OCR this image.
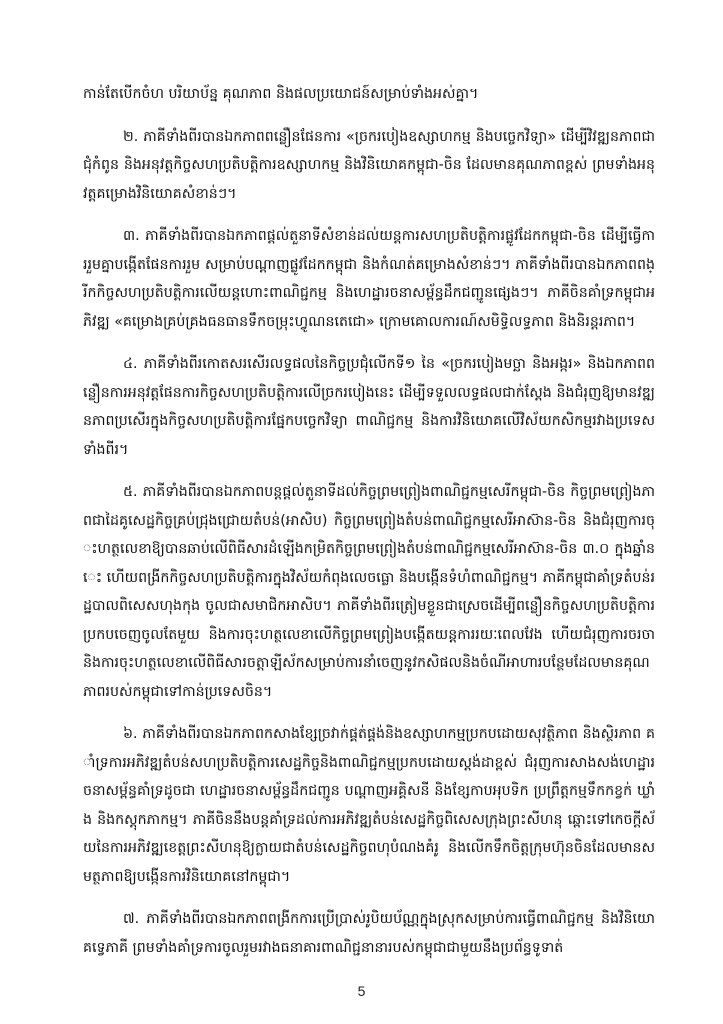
កាន់តែបើកចំហ បរិយាប័ន្ន គុណភាព និងផលប្រយោជន៍សម្រាប់ទាំងអស់គ្នា។

២. ភាគីទាំងពីរបានឯកភាពពន្លឿនផែនការ «ច្រករបៀងឧស្សាហកម្ម និងបច្ចេកវិទ្យា» ដើម្បីវិវឌ្ឍនភាពជាជុំកំពូន និងអនុវត្តកិច្ចសហប្រតិបត្តិការឧស្សាហកម្ម និងវិនិយោគកម្ពុជា-ចិន ដែលមានគុណភាពខ្ពស់ ព្រមទាំងអនុវត្តគម្រោងវិនិយោគសំខាន់ៗ។

៣. ភាគីទាំងពីរបានឯកភាពផ្ដល់តួនាទីសំខាន់ដល់យន្តការសហប្រតិបត្តិការផ្លូវដែកកម្ពុជា-ចិន ដើម្បីធ្វើការរួមគ្នាបង្កើតផែនការរួម សម្រាប់បណ្ដាញផ្លូវដែកកម្ពុជា និងកំណត់គម្រោងសំខាន់ៗ។ ភាគីទាំងពីរបានឯកភាពពង្រីកកិច្ចសហប្រតិបត្តិការលើយន្តហោះពាណិជ្ជកម្ម និងហេដ្ឋារចនាសម្ព័ន្ធដឹកជញ្ជូនផ្សេងៗ។ ភាគីចិនគាំទ្រកម្ពុជាអភិវឌ្ឍ «គម្រោងគ្រប់គ្រងធនធានទឹកចម្រុះហ្វូណនតេជោ» ក្រោមគោលការណ៍សមិទ្ធិលទ្ធភាព និងនិរន្តរភាព។

៤. ភាគីទាំងពីរកោតសរសើរលទ្ធផលនៃកិច្ចប្រជុំលើកទី១ នៃ «ច្រករបៀងមច្ឆា និងអង្ករ» និងឯកភាពពន្លឿនការអនុវត្តផែនការកិច្ចសហប្រតិបត្តិការលើច្រករបៀងនេះ ដើម្បីទទួលលទ្ធផលជាក់ស្ដែង និងជំរុញឱ្យមានវឌ្ឍនភាពប្រសើរក្នុងកិច្ចសហប្រតិបត្តិការផ្នែកបច្ចេកវិទ្យា ពាណិជ្ជកម្ម និងការវិនិយោគលើវិស័យកសិកម្មរវាងប្រទេសទាំងពីរ។

៥. ភាគីទាំងពីរបានឯកភាពបន្តផ្ដល់តួនាទីដល់កិច្ចព្រមព្រៀងពាណិជ្ជកម្មសេរីកម្ពុជា-ចិន កិច្ចព្រមព្រៀងភាពជាដៃគូសេដ្ឋកិច្ចគ្រប់ជ្រុងជ្រោយតំបន់(អាសិប) កិច្ចព្រមព្រៀងតំបន់ពាណិជ្ជកម្មសេរីអាស៊ាន-ចិន និងជំរុញការចុះហត្ថលេខាឱ្យបានឆាប់លើពិធីសារដំឡើងកម្រិតកិច្ចព្រមព្រៀងតំបន់ពាណិជ្ជកម្មសេរីអាស៊ាន-ចិន ៣.០ ក្នុងឆ្នាំនេះ ហើយពង្រីកកិច្ចសហប្រតិបត្តិការក្នុងវិស័យកំពុងលេចធ្លោ និងបង្កើនទំហំពាណិជ្ជកម្ម។ ភាគីកម្ពុជាគាំទ្រតំបន់រដ្ឋបាលពិសេសហុងកុង ចូលជាសមាជិកអាសិប។ ភាគីទាំងពីរត្រៀមខ្លួនជាស្រេចដើម្បីពន្លឿនកិច្ចសហប្រតិបត្តិការប្រកបចេញចូលតែមួយ និងការចុះហត្ថលេខាលើកិច្ចព្រមព្រៀងបង្កើតយន្តការរយៈពេលវែង ហើយជំរុញការចរចា និងការចុះហត្ថលេខាលើពិធីសារចត្តាឡីស័កសម្រាប់ការនាំចេញនូវកសិផលនិងចំណីអាហារបន្ថែមដែលមានគុណភាពរបស់កម្ពុជាទៅកាន់ប្រទេសចិន។

៦. ភាគីទាំងពីរបានឯកភាពកសាងខ្សែច្រវាក់ផ្គត់ផ្គង់និងឧស្សាហកម្មប្រកបដោយសុវត្ថិភាព និងស្ថិរភាព គាំទ្រការអភិវឌ្ឍតំបន់សហប្រតិបត្តិការសេដ្ឋកិច្ចនិងពាណិជ្ជកម្មប្រកបដោយស្តង់ដាខ្ពស់ ជំរុញការសាងសង់ហេដ្ឋារចនាសម្ព័ន្ធគាំទ្រដូចជា ហេដ្ឋារចនាសម្ព័ន្ធដឹកជញ្ជូន បណ្តាញអគ្គិសនី និងខ្សែកាបអុបទិក ប្រព្រឹត្តកម្មទឹកកខ្វក់ ឃ្លាំង និងកស្ដុកភាកម្ម។ ភាគីចិននឹងបន្តគាំទ្រដល់ការអភិវឌ្ឍតំបន់សេដ្ឋកិច្ចពិសេសក្រុងព្រះសីហនុ ឆ្ពោះទៅកេចក្ដីស័យនៃការអភិវឌ្ឍខេត្តព្រះសីហនុឱ្យក្លាយជាតំបន់សេដ្ឋកិច្ចពហុបំណងគំរូ និងលើកទឹកចិត្តក្រុមហ៊ុនចិនដែលមានសមត្ថភាពឱ្យបង្កើនការវិនិយោគនៅកម្ពុជា។

៧. ភាគីទាំងពីរបានឯកភាពពង្រីកការប្រើប្រាស់រូបិយប័ណ្ណក្នុងស្រុកសម្រាប់ការធ្វើពាណិជ្ជកម្ម និងវិនិយោគទ្វេភាគី ព្រមទាំងគាំទ្រការចូលរួមរវាងធនាគារពាណិជ្ជនានារបស់កម្ពុជាជាមួយនឹងប្រព័ន្ធទូទាត់

5
